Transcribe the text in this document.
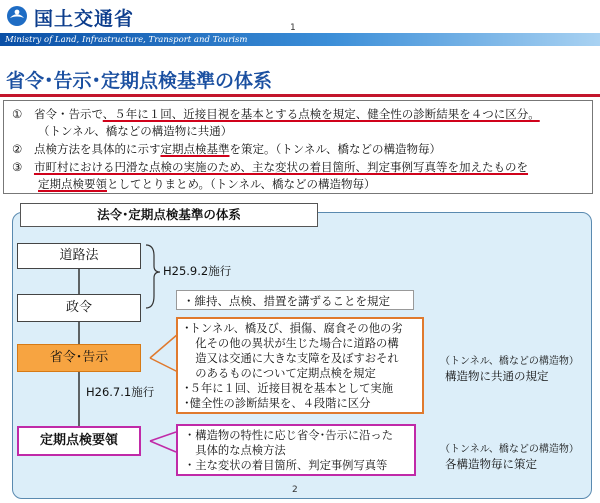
国土交通省	1
Ministry of Land, Infrastructure, Transport and Tourism
省令･告示･定期点検基準の体系
① 省令・告示で、５年に１回、近接目視を基本とする点検を規定、健全性の診断結果を４つに区分。
（トンネル、橋などの構造物に共通）
② 点検方法を具体的に示す定期点検基準を策定。（トンネル、橋などの構造物毎）
③ 市町村における円滑な点検の実施のため、主な変状の着目箇所、判定事例写真等を加えたものを
定期点検要領としてとりまとめ。（トンネル、橋などの構造物毎）
法令･定期点検基準の体系
道路法
政令
省令･告示
定期点検要領
H25.9.2施行
H26.7.1施行
・維持、点検、措置を講ずることを規定
･トンネル、橋及び、損傷、腐食その他の劣
　化その他の異状が生じた場合に道路の構
　造又は交通に大きな支障を及ぼすおそれ
　のあるものについて定期点検を規定
･５年に１回、近接目視を基本として実施
･健全性の診断結果を、４段階に区分
・構造物の特性に応じ省令･告示に沿った
　具体的な点検方法
・主な変状の着目箇所、判定事例写真等
（トンネル、橋などの構造物）
構造物に共通の規定
（トンネル、橋などの構造物）
各構造物毎に策定
2
